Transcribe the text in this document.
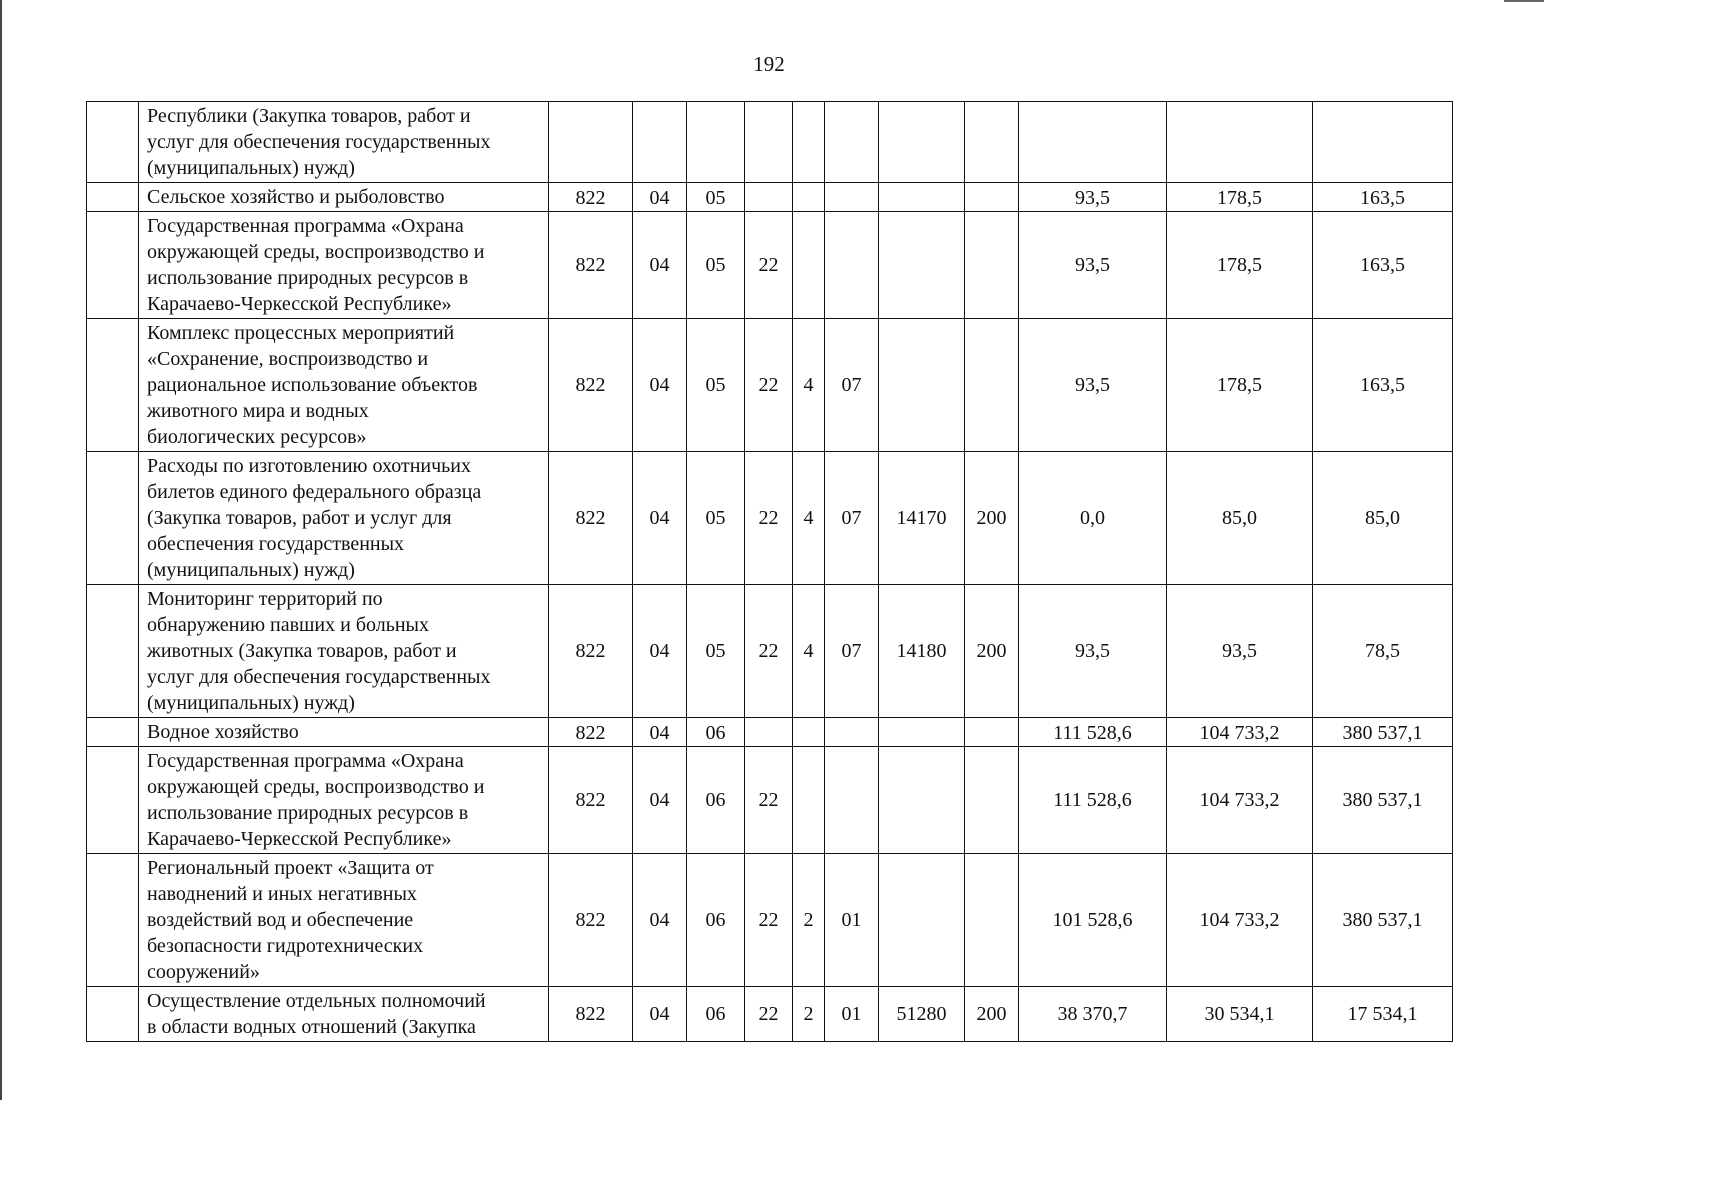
192
	Республики (Закупка товаров, работ и
услуг для обеспечения государственных
(муниципальных) нужд)											
	Сельское хозяйство и рыболовство	822	04	05						93,5	178,5	163,5
	Государственная программа «Охрана
окружающей среды, воспроизводство и
использование природных ресурсов в
Карачаево-Черкесской Республике»	822	04	05	22					93,5	178,5	163,5
	Комплекс процессных мероприятий
«Сохранение, воспроизводство и
рациональное использование объектов
животного мира и водных
биологических ресурсов»	822	04	05	22	4	07			93,5	178,5	163,5
	Расходы по изготовлению охотничьих
билетов единого федерального образца
(Закупка товаров, работ и услуг для
обеспечения государственных
(муниципальных) нужд)	822	04	05	22	4	07	14170	200	0,0	85,0	85,0
	Мониторинг территорий по
обнаружению павших и больных
животных (Закупка товаров, работ и
услуг для обеспечения государственных
(муниципальных) нужд)	822	04	05	22	4	07	14180	200	93,5	93,5	78,5
	Водное хозяйство	822	04	06						111 528,6	104 733,2	380 537,1
	Государственная программа «Охрана
окружающей среды, воспроизводство и
использование природных ресурсов в
Карачаево-Черкесской Республике»	822	04	06	22					111 528,6	104 733,2	380 537,1
	Региональный проект «Защита от
наводнений и иных негативных
воздействий вод и обеспечение
безопасности гидротехнических
сооружений»	822	04	06	22	2	01			101 528,6	104 733,2	380 537,1
	Осуществление отдельных полномочий
в области водных отношений (Закупка	822	04	06	22	2	01	51280	200	38 370,7	30 534,1	17 534,1
